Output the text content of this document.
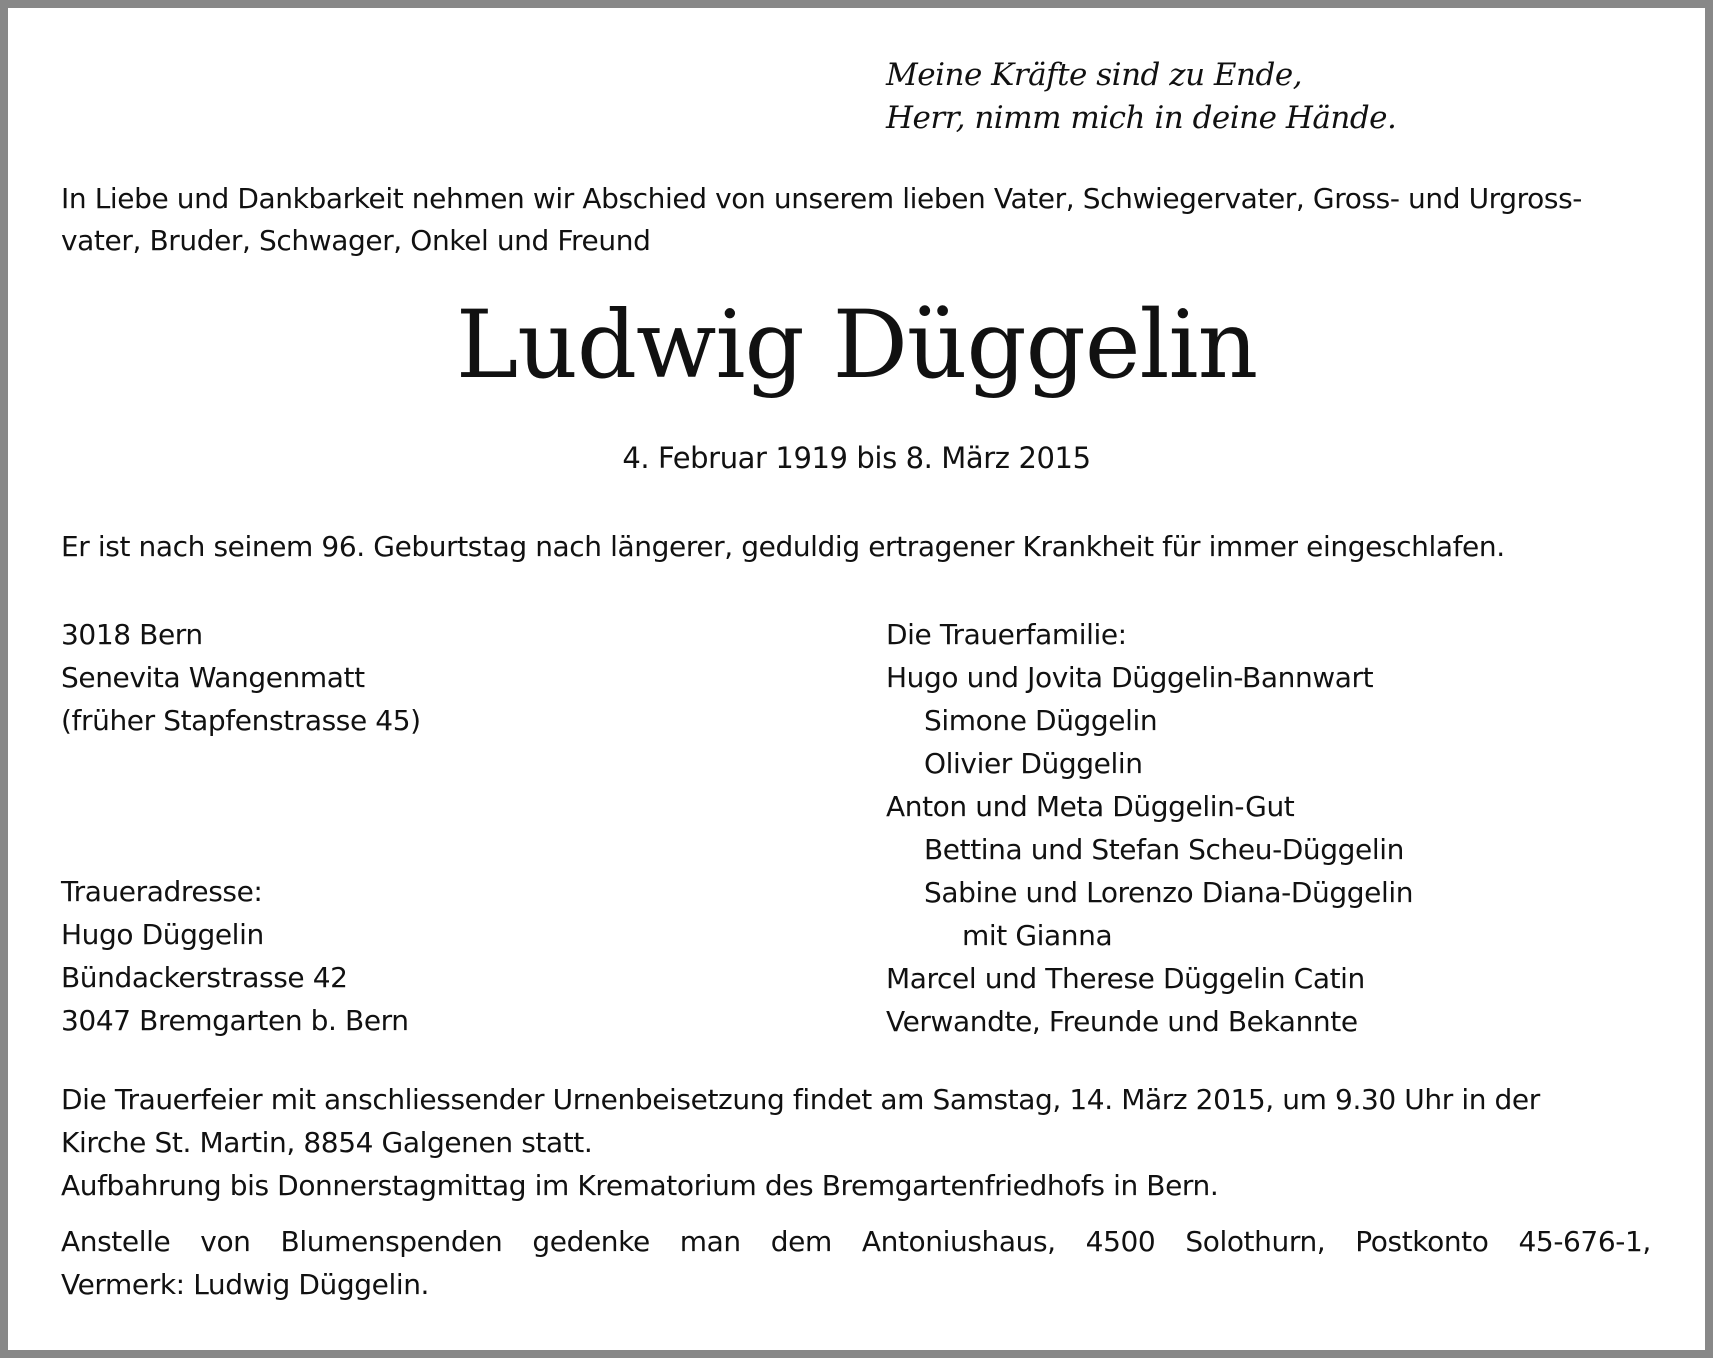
Meine Kräfte sind zu Ende,
Herr, nimm mich in deine Hände.
In Liebe und Dankbarkeit nehmen wir Abschied von unserem lieben Vater, Schwiegervater, Gross- und Urgross-
vater, Bruder, Schwager, Onkel und Freund
Ludwig Düggelin
4. Februar 1919 bis 8. März 2015
Er ist nach seinem 96. Geburtstag nach längerer, geduldig ertragener Krankheit für immer eingeschlafen.
3018 Bern
Senevita Wangenmatt
(früher Stapfenstrasse 45)
Traueradresse:
Hugo Düggelin
Bündackerstrasse 42
3047 Bremgarten b. Bern
Die Trauerfamilie:
Hugo und Jovita Düggelin-Bannwart
Simone Düggelin
Olivier Düggelin
Anton und Meta Düggelin-Gut
Bettina und Stefan Scheu-Düggelin
Sabine und Lorenzo Diana-Düggelin
mit Gianna
Marcel und Therese Düggelin Catin
Verwandte, Freunde und Bekannte
Die Trauerfeier mit anschliessender Urnenbeisetzung findet am Samstag, 14. März 2015, um 9.30 Uhr in der
Kirche St. Martin, 8854 Galgenen statt.
Aufbahrung bis Donnerstagmittag im Krematorium des Bremgartenfriedhofs in Bern.
Anstelle von Blumenspenden gedenke man dem Antoniushaus, 4500 Solothurn, Postkonto 45-676-1,
Vermerk: Ludwig Düggelin.
